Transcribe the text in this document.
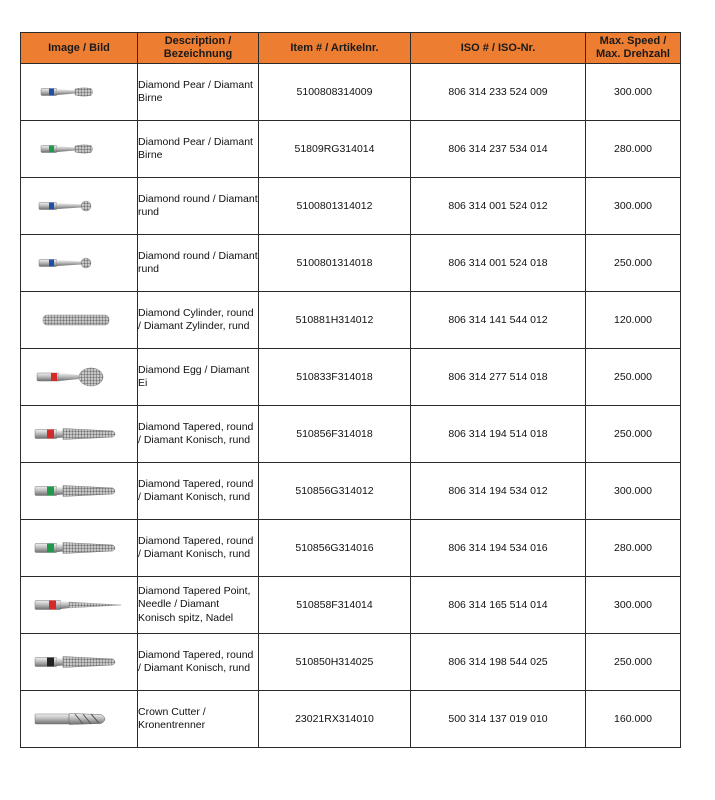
Image / Bild	Description / Bezeichnung	Item # / Artikelnr.	ISO # / ISO-Nr.	Max. Speed / Max. Drehzahl

	Diamond Pear / Diamant Birne	5100808314009	806 314 233 524 009	300.000

	Diamond Pear / Diamant Birne	51809RG314014	806 314 237 534 014	280.000

	Diamond round / Diamant rund	5100801314012	806 314 001 524 012	300.000

	Diamond round / Diamant rund	5100801314018	806 314 001 524 018	250.000

	Diamond Cylinder, round / Diamant Zylinder, rund	510881H314012	806 314 141 544 012	120.000

	Diamond Egg / Diamant Ei	510833F314018	806 314 277 514 018	250.000

	Diamond Tapered, round / Diamant Konisch, rund	510856F314018	806 314 194 514 018	250.000

	Diamond Tapered, round / Diamant Konisch, rund	510856G314012	806 314 194 534 012	300.000

	Diamond Tapered, round / Diamant Konisch, rund	510856G314016	806 314 194 534 016	280.000

	Diamond Tapered Point, Needle / Diamant Konisch spitz, Nadel	510858F314014	806 314 165 514 014	300.000

	Diamond Tapered, round / Diamant Konisch, rund	510850H314025	806 314 198 544 025	250.000

	Crown Cutter / Kronentrenner	23021RX314010	500 314 137 019 010	160.000
